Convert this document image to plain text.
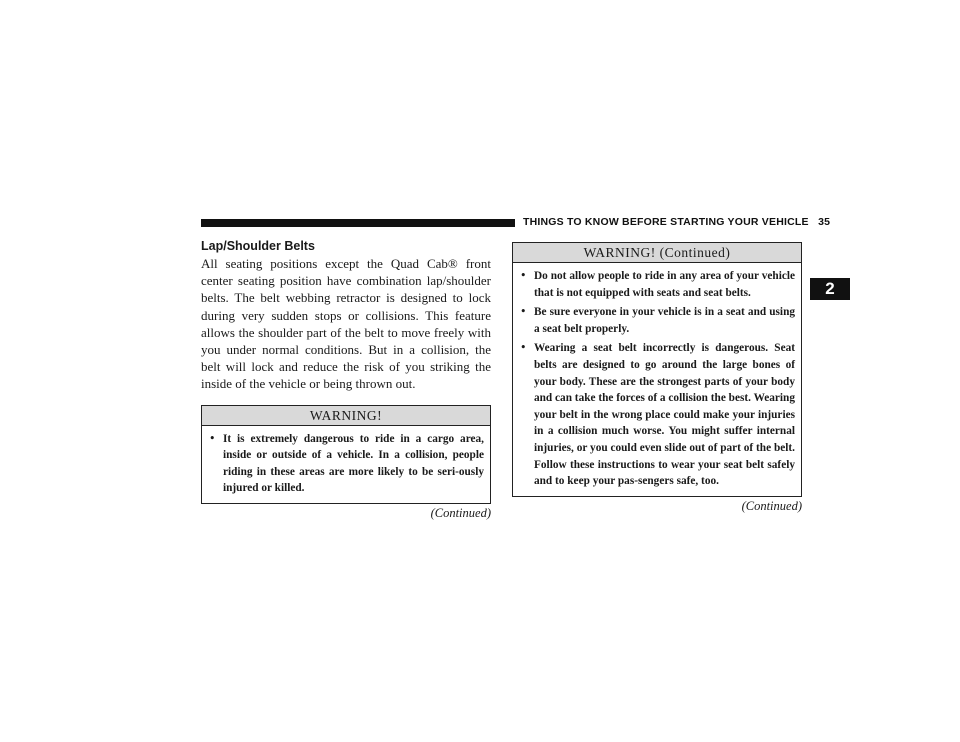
THINGS TO KNOW BEFORE STARTING YOUR VEHICLE 35
2
Lap/Shoulder Belts

All seating positions except the Quad Cab® front center seating position have combination lap/shoulder belts. The belt webbing retractor is designed to lock during very sudden stops or collisions. This feature allows the shoulder part of the belt to move freely with you under normal conditions. But in a collision, the belt will lock and reduce the risk of you striking the inside of the vehicle or being thrown out.

WARNING!
• It is extremely dangerous to ride in a cargo area, inside or outside of a vehicle. In a collision, people riding in these areas are more likely to be seri-ously injured or killed.
(Continued)
WARNING! (Continued)
• Do not allow people to ride in any area of your vehicle that is not equipped with seats and seat belts.
• Be sure everyone in your vehicle is in a seat and using a seat belt properly.
• Wearing a seat belt incorrectly is dangerous. Seat belts are designed to go around the large bones of your body. These are the strongest parts of your body and can take the forces of a collision the best. Wearing your belt in the wrong place could make your injuries in a collision much worse. You might suffer internal injuries, or you could even slide out of part of the belt. Follow these instructions to wear your seat belt safely and to keep your pas-sengers safe, too.
(Continued)
